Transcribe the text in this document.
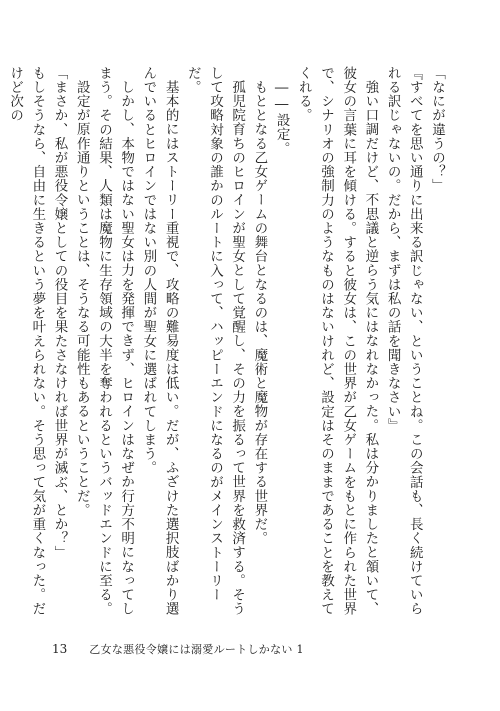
「なにが違うの？」

『すべてを思い通りに出来る訳じゃない、ということね。この会話も、長く続けていられる訳じゃないの。だから、まずは私の話を聞きなさい』

強い口調だけど、不思議と逆らう気にはなれなかった。私は分かりましたと頷いて、彼女の言葉に耳を傾ける。すると彼女は、この世界が乙女ゲームをもとに作られた世界で、シナリオの強制力のようなものはないけれど、設定はそのままであることを教えてくれる。

――設定。

もととなる乙女ゲームの舞台となるのは、魔術と魔物が存在する世界だ。

孤児院育ちのヒロインが聖女として覚醒し、その力を振るって世界を救済する。そうして攻略対象の誰かのルートに入って、ハッピーエンドになるのがメインストーリーだ。

基本的にはストーリー重視で、攻略の難易度は低い。だが、ふざけた選択肢ばかり選んでいるとヒロインではない別の人間が聖女に選ばれてしまう。

しかし、本物ではない聖女は力を発揮できず、ヒロインはなぜか行方不明になってしまう。その結果、人類は魔物に生存領域の大半を奪われるというバッドエンドに至る。

設定が原作通りということは、そうなる可能性もあるということだ。

「まさか、私が悪役令嬢としての役目を果たさなければ世界が滅ぶ、とか？」

もしそうなら、自由に生きるという夢を叶えられない。そう思って気が重くなった。だけど次の

13 乙女な悪役令嬢には溺愛ルートしかない 1
